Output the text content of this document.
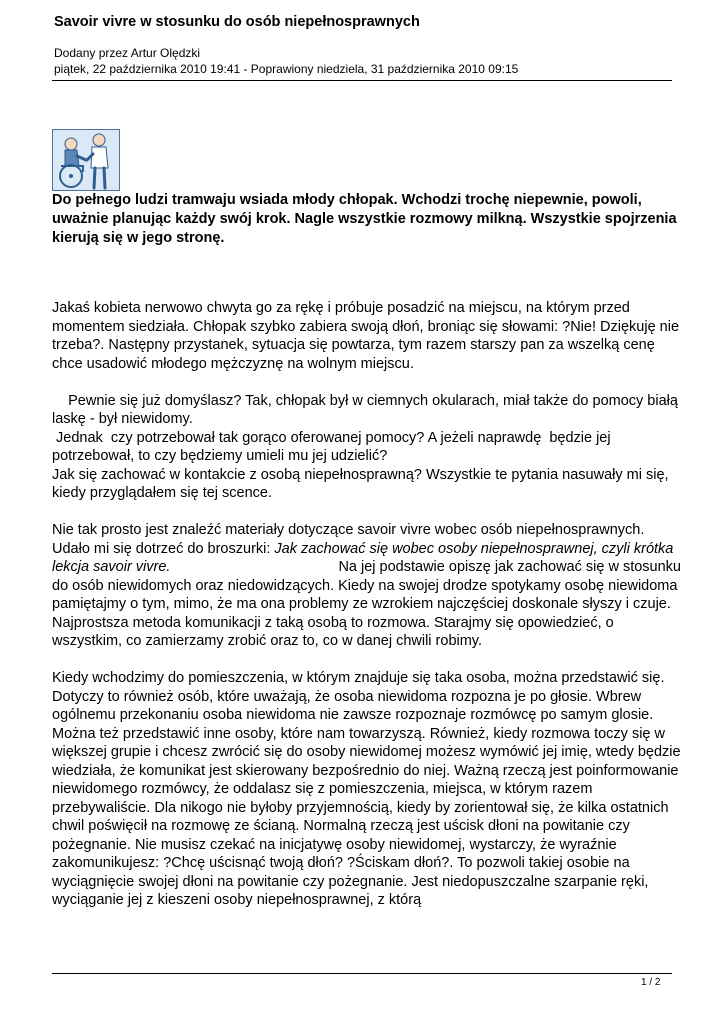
Savoir vivre w stosunku do osób niepełnosprawnych
Dodany przez Artur Olędzki
piątek, 22 października 2010 19:41 - Poprawiony niedziela, 31 października 2010 09:15

Do pełnego ludzi tramwaju wsiada młody chłopak. Wchodzi trochę niepewnie, powoli, uważnie planując każdy swój krok. Nagle wszystkie rozmowy milkną. Wszystkie spojrzenia kierują się w jego stronę.

Jakaś kobieta nerwowo chwyta go za rękę i próbuje posadzić na miejscu, na którym przed momentem siedziała. Chłopak szybko zabiera swoją dłoń, broniąc się słowami: ?Nie! Dziękuję nie trzeba?. Następny przystanek, sytuacja się powtarza, tym razem starszy pan za wszelką cenę chce usadowić młodego mężczyznę na wolnym miejscu.

Pewnie się już domyślasz? Tak, chłopak był w ciemnych okularach, miał także do pomocy białą laskę - był niewidomy.

Jednak  czy potrzebował tak gorąco oferowanej pomocy? A jeżeli naprawdę  będzie jej potrzebował, to czy będziemy umieli mu jej udzielić?

Jak się zachować w kontakcie z osobą niepełnosprawną? Wszystkie te pytania nasuwały mi się, kiedy przyglądałem się tej scence.

Nie tak prosto jest znaleźć materiały dotyczące savoir vivre wobec osób niepełnosprawnych. Udało mi się dotrzeć do broszurki: Jak zachować się wobec osoby niepełnosprawnej, czyli krótka lekcja savoir vivre.	Na jej podstawie opiszę jak zachować się w stosunku do osób niewidomych oraz niedowidzących. Kiedy na swojej drodze spotykamy osobę niewidoma pamiętajmy o tym, mimo, że ma ona problemy ze wzrokiem najczęściej doskonale słyszy i czuje. Najprostsza metoda komunikacji z taką osobą to rozmowa. Starajmy się opowiedzieć, o wszystkim, co zamierzamy zrobić oraz to, co w danej chwili robimy.

Kiedy wchodzimy do pomieszczenia, w którym znajduje się taka osoba, można przedstawić się. Dotyczy to również osób, które uważają, że osoba niewidoma rozpozna je po głosie. Wbrew ogólnemu przekonaniu osoba niewidoma nie zawsze rozpoznaje rozmówcę po samym glosie. Można też przedstawić inne osoby, które nam towarzyszą. Również, kiedy rozmowa toczy się w większej grupie i chcesz zwrócić się do osoby niewidomej możesz wymówić jej imię, wtedy będzie wiedziała, że komunikat jest skierowany bezpośrednio do niej. Ważną rzeczą jest poinformowanie niewidomego rozmówcy, że oddalasz się z pomieszczenia, miejsca, w którym razem przebywaliście. Dla nikogo nie byłoby przyjemnością, kiedy by zorientował się, że kilka ostatnich chwil poświęcił na rozmowę ze ścianą. Normalną rzeczą jest uścisk dłoni na powitanie czy pożegnanie. Nie musisz czekać na inicjatywę osoby niewidomej, wystarczy, że wyraźnie zakomunikujesz: ?Chcę uścisnąć twoją dłoń? ?Ściskam dłoń?. To pozwoli takiej osobie na wyciągnięcie swojej dłoni na powitanie czy pożegnanie. Jest niedopuszczalne szarpanie ręki, wyciąganie jej z kieszeni osoby niepełnosprawnej, z którą

1 / 2
